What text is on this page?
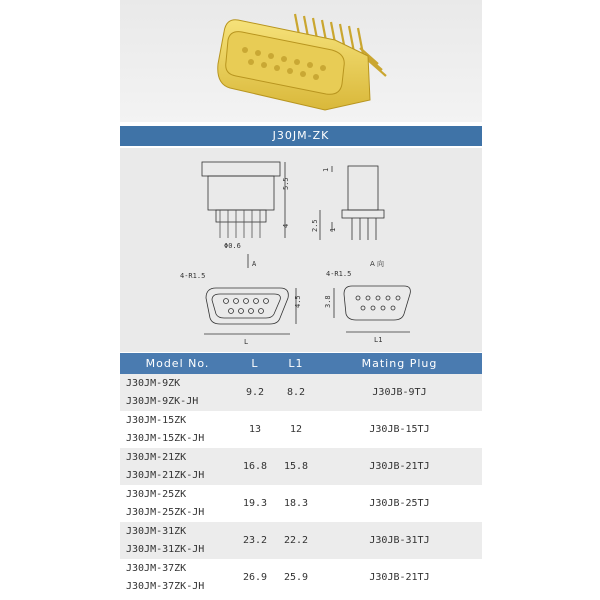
J30JM-ZK
5.5
4
Φ0.6
1
2.5 1
A	A 向
4-R1.5
4.5
L
4-R1.5
3.8
L1
Model No.	L	L1	Mating Plug
J30JM-9ZK	9.2	8.2	J30JB-9TJ
J30JM-9ZK-JH			
J30JM-15ZK	13	12	J30JB-15TJ
J30JM-15ZK-JH			
J30JM-21ZK	16.8	15.8	J30JB-21TJ
J30JM-21ZK-JH			
J30JM-25ZK	19.3	18.3	J30JB-25TJ
J30JM-25ZK-JH			
J30JM-31ZK	23.2	22.2	J30JB-31TJ
J30JM-31ZK-JH			
J30JM-37ZK	26.9	25.9	J30JB-21TJ
J30JM-37ZK-JH			
